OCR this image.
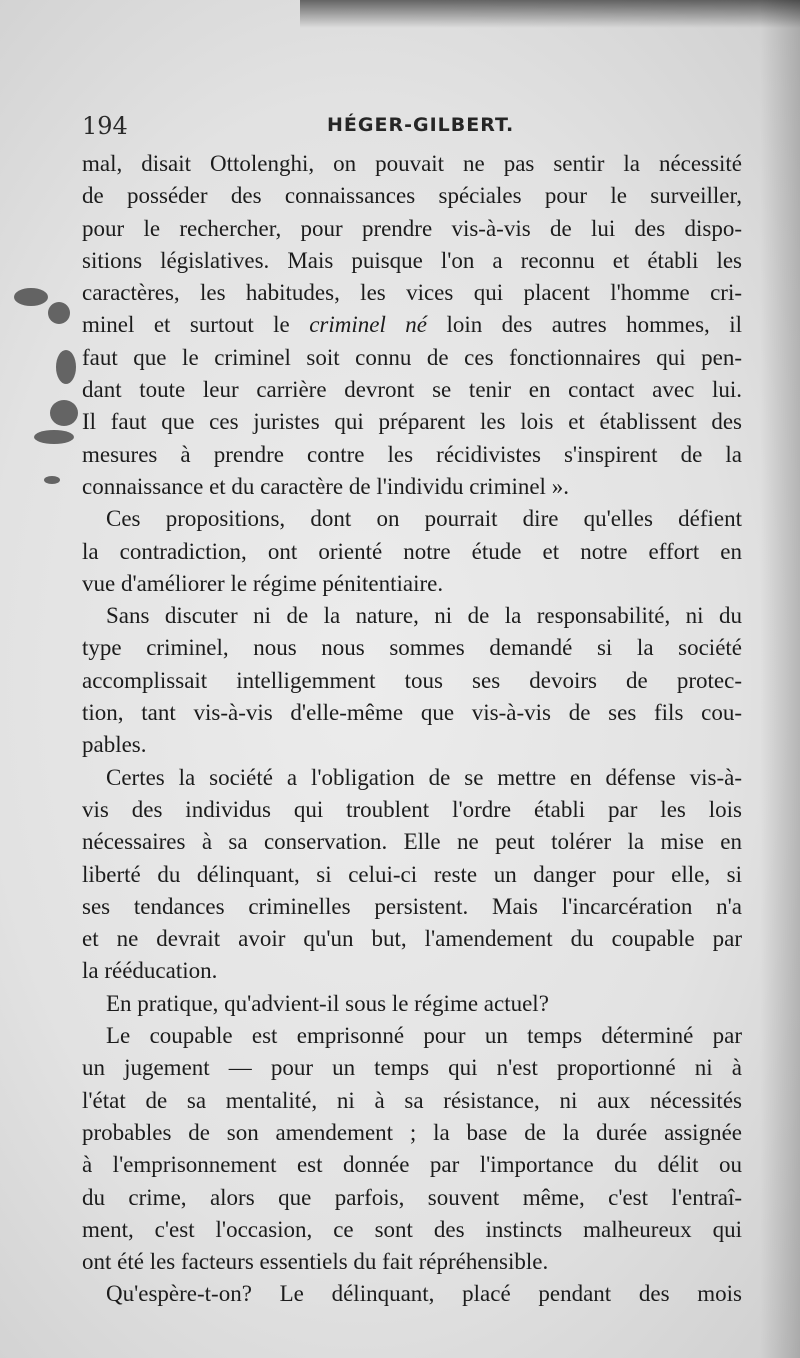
194	HÉGER-GILBERT.
mal, disait Ottolenghi, on pouvait ne pas sentir la nécessité
de posséder des connaissances spéciales pour le surveiller,
pour le rechercher, pour prendre vis-à-vis de lui des dispo-
sitions législatives. Mais puisque l'on a reconnu et établi les
caractères, les habitudes, les vices qui placent l'homme cri-
minel et surtout le criminel né loin des autres hommes, il
faut que le criminel soit connu de ces fonctionnaires qui pen-
dant toute leur carrière devront se tenir en contact avec lui.
Il faut que ces juristes qui préparent les lois et établissent des
mesures à prendre contre les récidivistes s'inspirent de la
connaissance et du caractère de l'individu criminel ».
Ces propositions, dont on pourrait dire qu'elles défient
la contradiction, ont orienté notre étude et notre effort en
vue d'améliorer le régime pénitentiaire.
Sans discuter ni de la nature, ni de la responsabilité, ni du
type criminel, nous nous sommes demandé si la société
accomplissait intelligemment tous ses devoirs de protec-
tion, tant vis-à-vis d'elle-même que vis-à-vis de ses fils cou-
pables.
Certes la société a l'obligation de se mettre en défense vis-à-
vis des individus qui troublent l'ordre établi par les lois
nécessaires à sa conservation. Elle ne peut tolérer la mise en
liberté du délinquant, si celui-ci reste un danger pour elle, si
ses tendances criminelles persistent. Mais l'incarcération n'a
et ne devrait avoir qu'un but, l'amendement du coupable par
la rééducation.
En pratique, qu'advient-il sous le régime actuel?
Le coupable est emprisonné pour un temps déterminé par
un jugement — pour un temps qui n'est proportionné ni à
l'état de sa mentalité, ni à sa résistance, ni aux nécessités
probables de son amendement ; la base de la durée assignée
à l'emprisonnement est donnée par l'importance du délit ou
du crime, alors que parfois, souvent même, c'est l'entraî-
ment, c'est l'occasion, ce sont des instincts malheureux qui
ont été les facteurs essentiels du fait répréhensible.
Qu'espère-t-on? Le délinquant, placé pendant des mois
